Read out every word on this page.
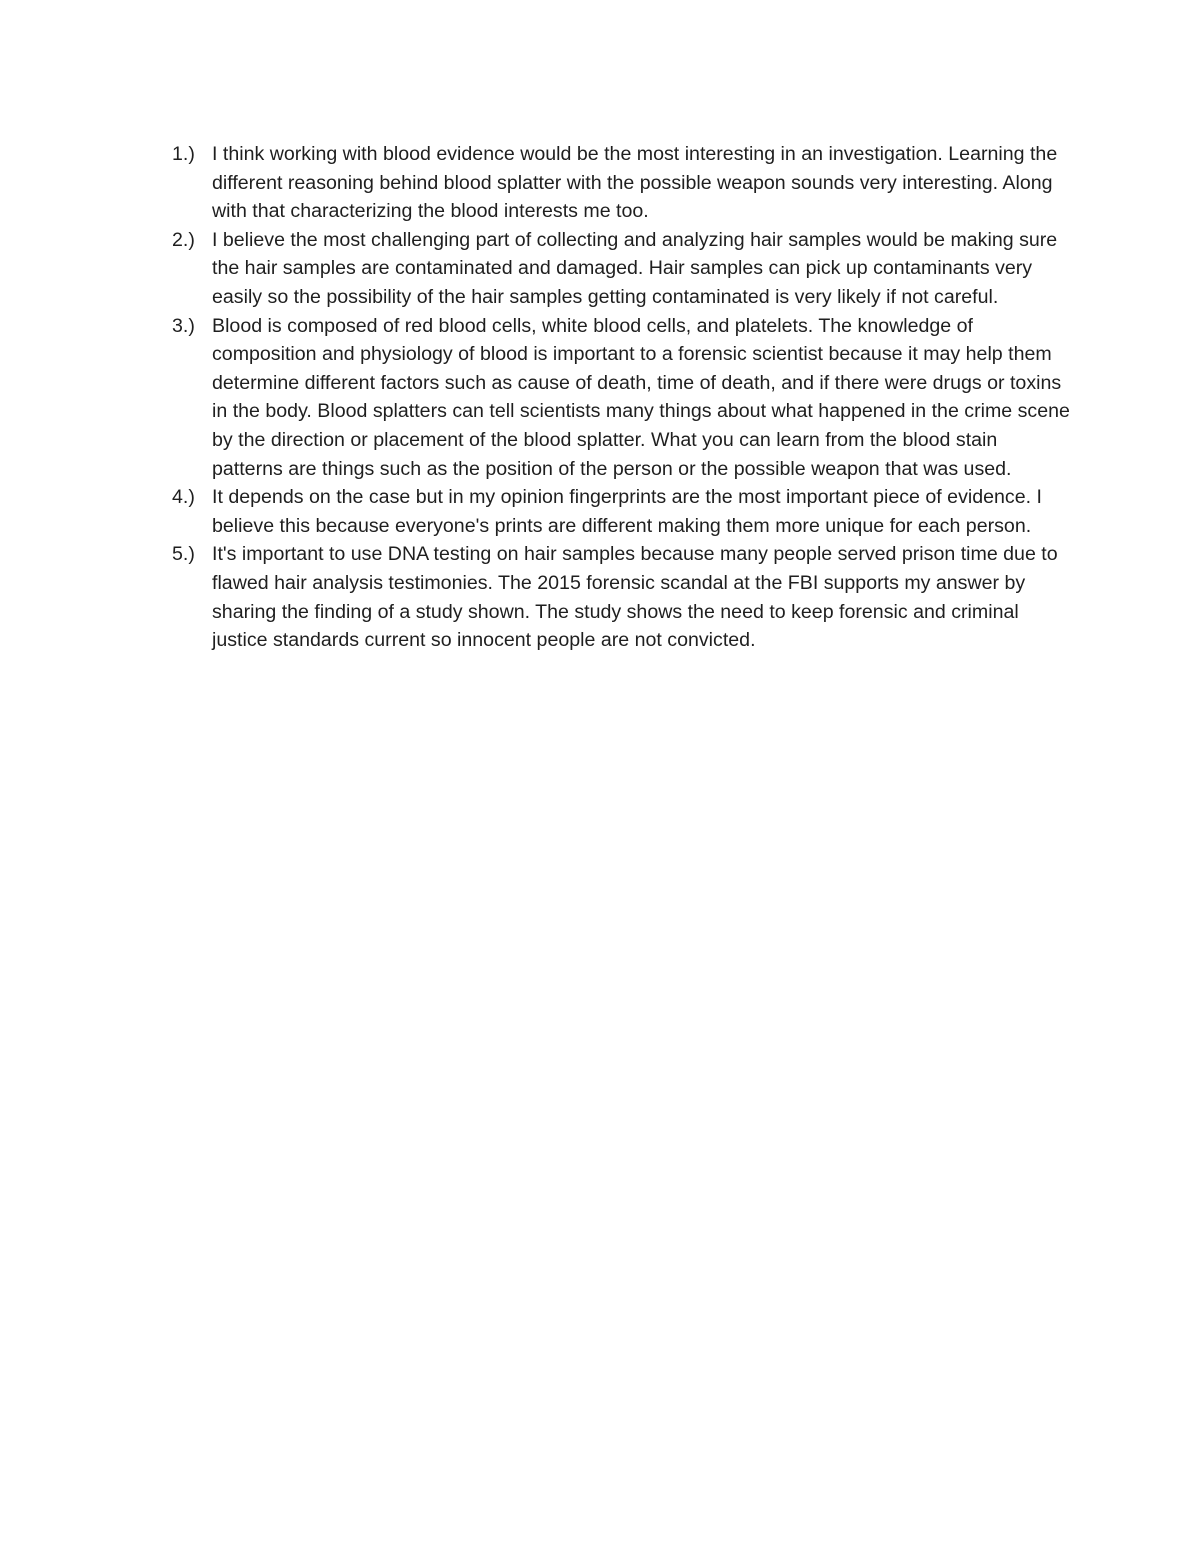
1.) I think working with blood evidence would be the most interesting in an investigation. Learning the different reasoning behind blood splatter with the possible weapon sounds very interesting. Along with that characterizing the blood interests me too.
2.) I believe the most challenging part of collecting and analyzing hair samples would be making sure the hair samples are contaminated and damaged. Hair samples can pick up contaminants very easily so the possibility of the hair samples getting contaminated is very likely if not careful.
3.) Blood is composed of red blood cells, white blood cells, and platelets. The knowledge of composition and physiology of blood is important to a forensic scientist because it may help them determine different factors such as cause of death, time of death, and if there were drugs or toxins in the body. Blood splatters can tell scientists many things about what happened in the crime scene by the direction or placement of the blood splatter. What you can learn from the blood stain patterns are things such as the position of the person or the possible weapon that was used.
4.) It depends on the case but in my opinion fingerprints are the most important piece of evidence. I believe this because everyone's prints are different making them more unique for each person.
5.) It's important to use DNA testing on hair samples because many people served prison time due to flawed hair analysis testimonies. The 2015 forensic scandal at the FBI supports my answer by sharing the finding of a study shown. The study shows the need to keep forensic and criminal justice standards current so innocent people are not convicted.
